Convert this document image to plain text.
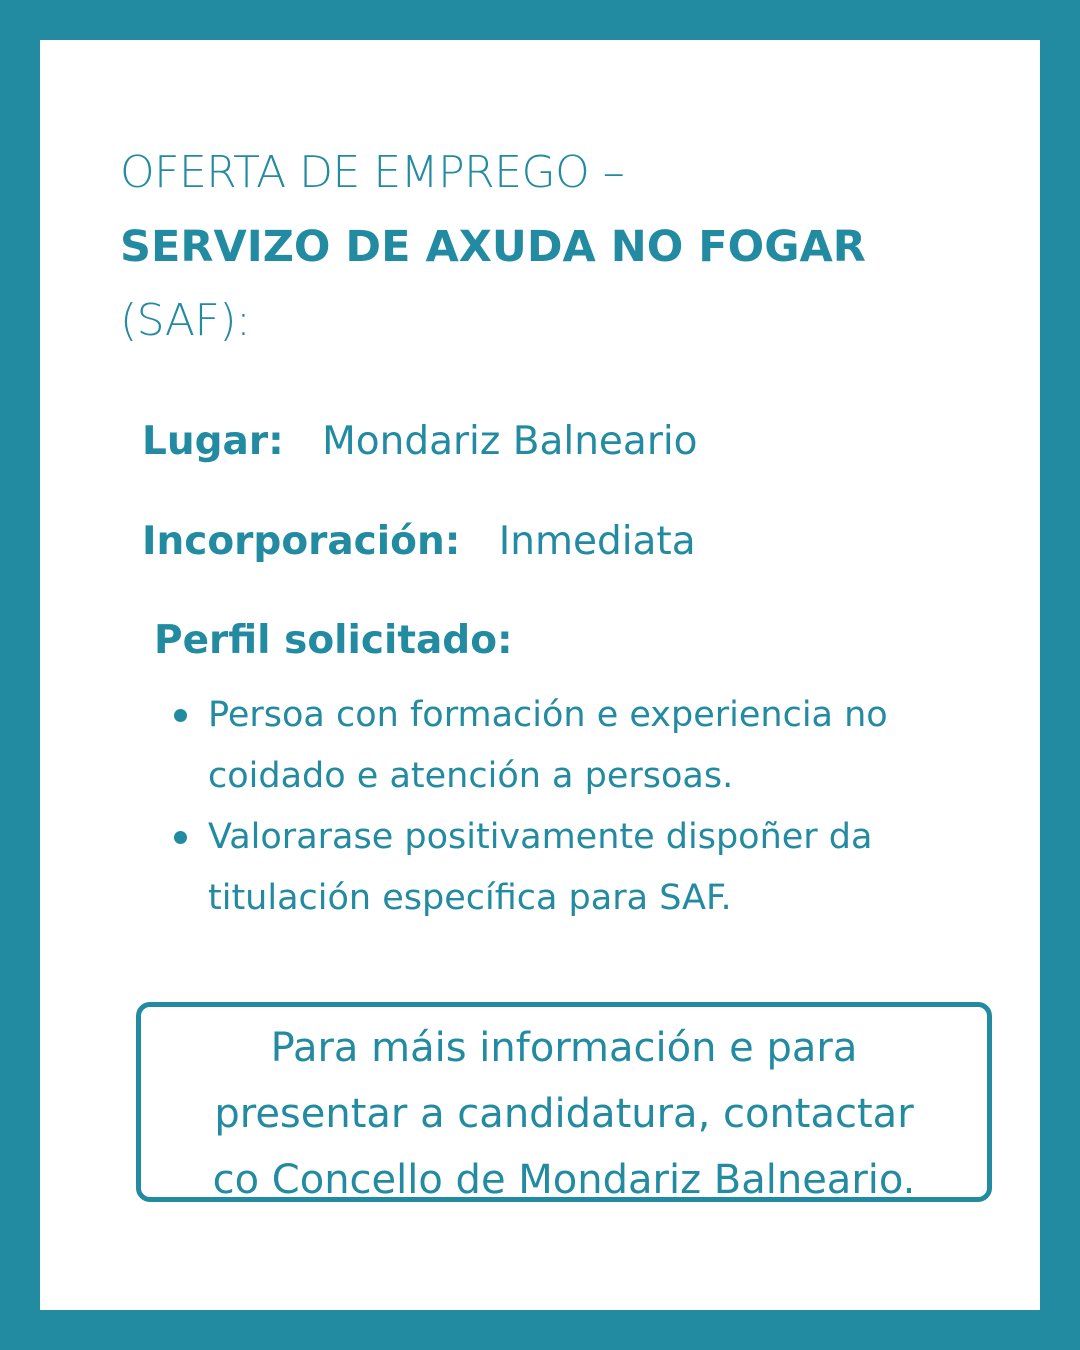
OFERTA DE EMPREGO –
SERVIZO DE AXUDA NO FOGAR
(SAF):
Lugar: Mondariz Balneario
Incorporación: Inmediata
Perfil solicitado:
Persoa con formación e experiencia no coidado e atención a persoas.
Valorarase positivamente dispoñer da titulación específica para SAF.
Para máis información e para
presentar a candidatura, contactar
co Concello de Mondariz Balneario.
